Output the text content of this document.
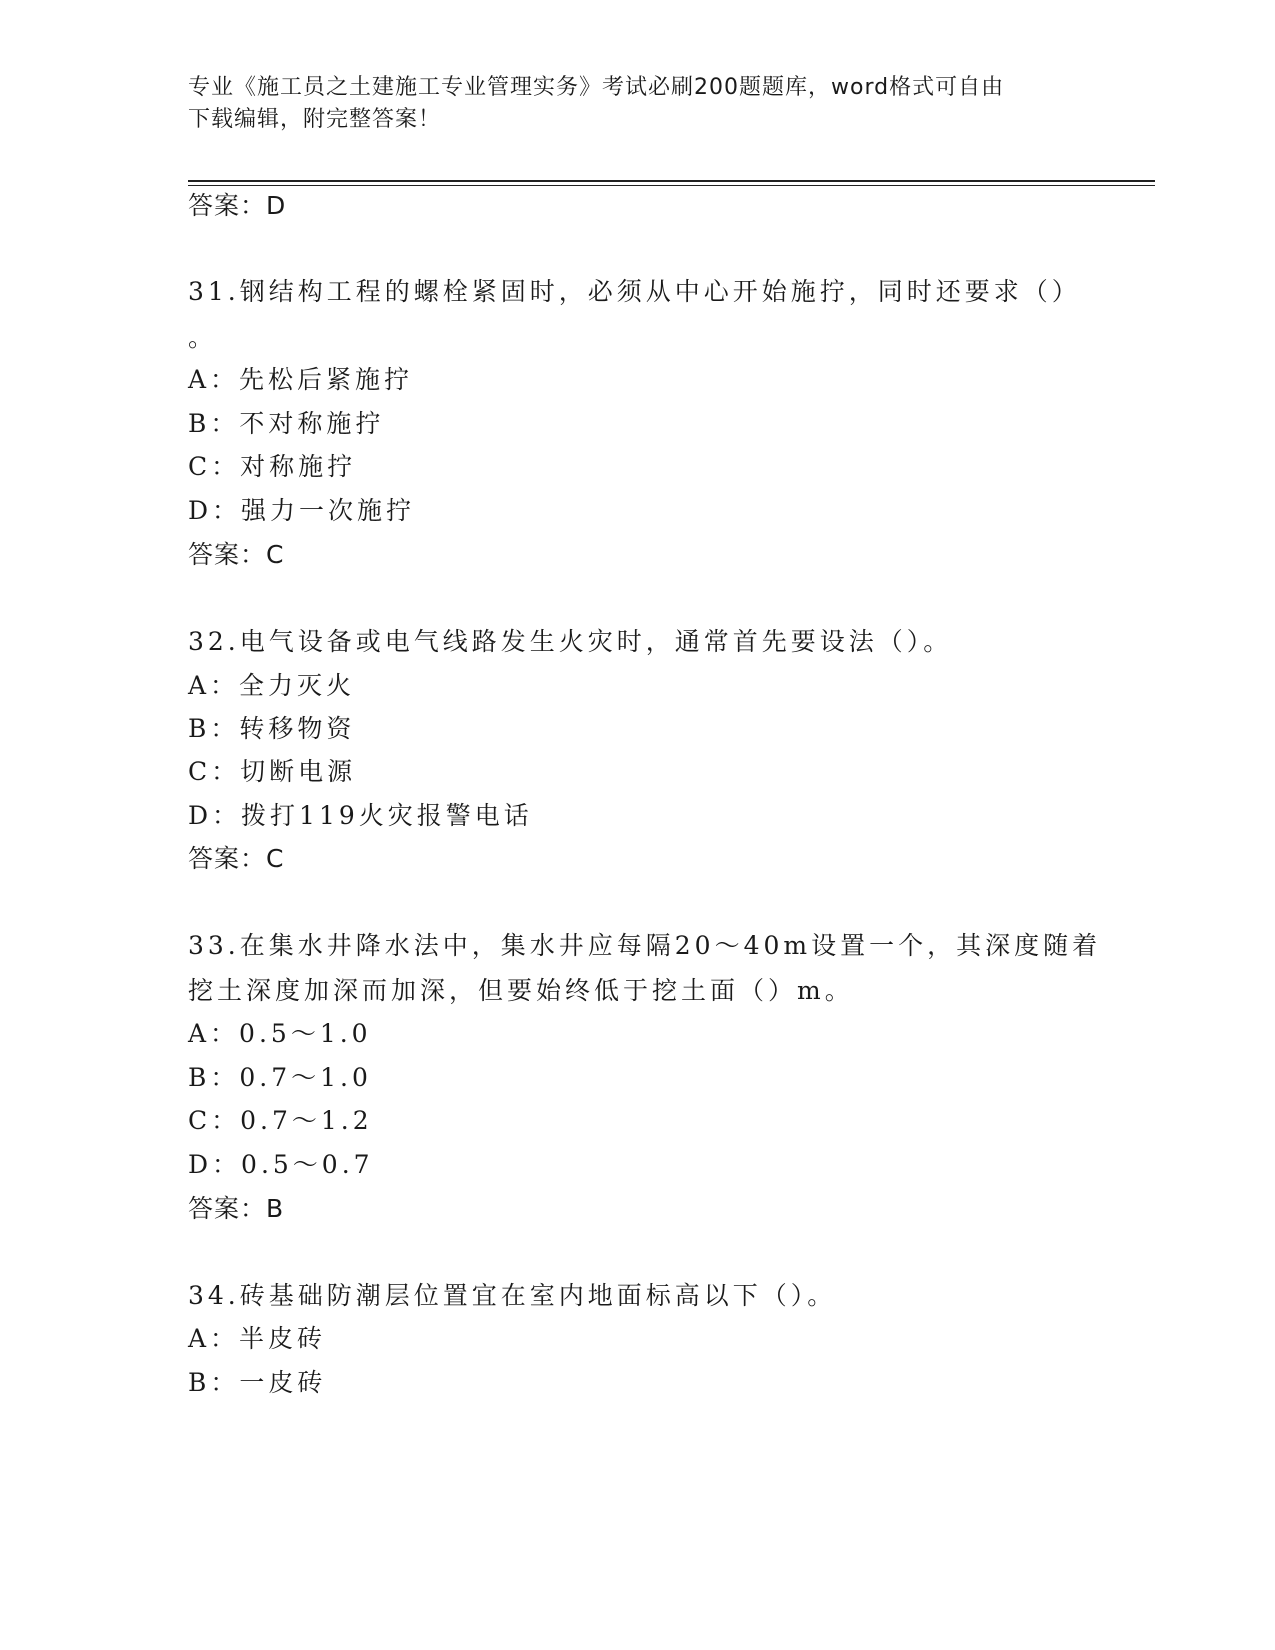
专业《施工员之土建施工专业管理实务》考试必刷200题题库，word格式可自由
下载编辑，附完整答案！
答案：D
31.钢结构工程的螺栓紧固时，必须从中心开始施拧，同时还要求（）
。
A：先松后紧施拧
B：不对称施拧
C：对称施拧
D：强力一次施拧
答案：C
32.电气设备或电气线路发生火灾时，通常首先要设法（）。
A：全力灭火
B：转移物资
C：切断电源
D：拨打119火灾报警电话
答案：C
33.在集水井降水法中，集水井应每隔20～40m设置一个，其深度随着
挖土深度加深而加深，但要始终低于挖土面（）m。
A：0.5～1.0
B：0.7～1.0
C：0.7～1.2
D：0.5～0.7
答案：B
34.砖基础防潮层位置宜在室内地面标高以下（）。
A：半皮砖
B：一皮砖
